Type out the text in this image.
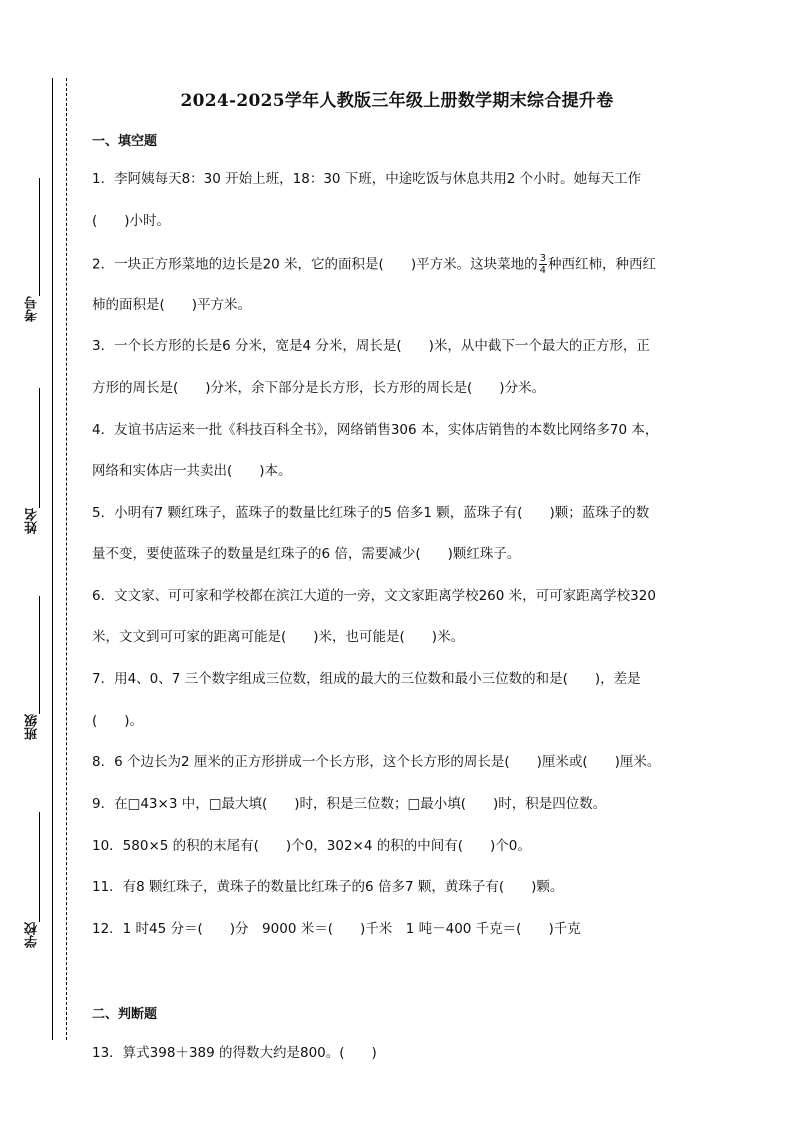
考号
姓名
班级
学校
2024-2025学年人教版三年级上册数学期末综合提升卷
一、填空题
1．李阿姨每天8：30 开始上班，18：30 下班，中途吃饭与休息共用2 个小时。她每天工作
(　　)小时。
2．一块正方形菜地的边长是20 米，它的面积是(　　)平方米。这块菜地的 $\frac{3}{4}$ 种西红柿，种西红
柿的面积是(　　)平方米。
3．一个长方形的长是6 分米，宽是4 分米，周长是(　　)米，从中截下一个最大的正方形，正
方形的周长是(　　)分米，余下部分是长方形，长方形的周长是(　　)分米。
4．友谊书店运来一批《科技百科全书》，网络销售306 本，实体店销售的本数比网络多70 本，
网络和实体店一共卖出(　　)本。
5．小明有7 颗红珠子，蓝珠子的数量比红珠子的5 倍多1 颗，蓝珠子有(　　)颗；蓝珠子的数
量不变，要使蓝珠子的数量是红珠子的6 倍，需要减少(　　)颗红珠子。
6．文文家、可可家和学校都在滨江大道的一旁，文文家距离学校260 米，可可家距离学校320
米，文文到可可家的距离可能是(　　)米，也可能是(　　)米。
7．用4、0、7 三个数字组成三位数，组成的最大的三位数和最小三位数的和是(　　)，差是
(　　)。
8．6 个边长为2 厘米的正方形拼成一个长方形，这个长方形的周长是(　　)厘米或(　　)厘米。
9．在□43×3 中，□最大填(　　)时，积是三位数；□最小填(　　)时，积是四位数。
10．580×5 的积的末尾有(　　)个0，302×4 的积的中间有(　　)个0。
11．有8 颗红珠子，黄珠子的数量比红珠子的6 倍多7 颗，黄珠子有(　　)颗。
12．1 时45 分＝(　　)分　9000 米＝(　　)千米　1 吨－400 千克＝(　　)千克
二、判断题
13．算式398＋389 的得数大约是800。(　　)
